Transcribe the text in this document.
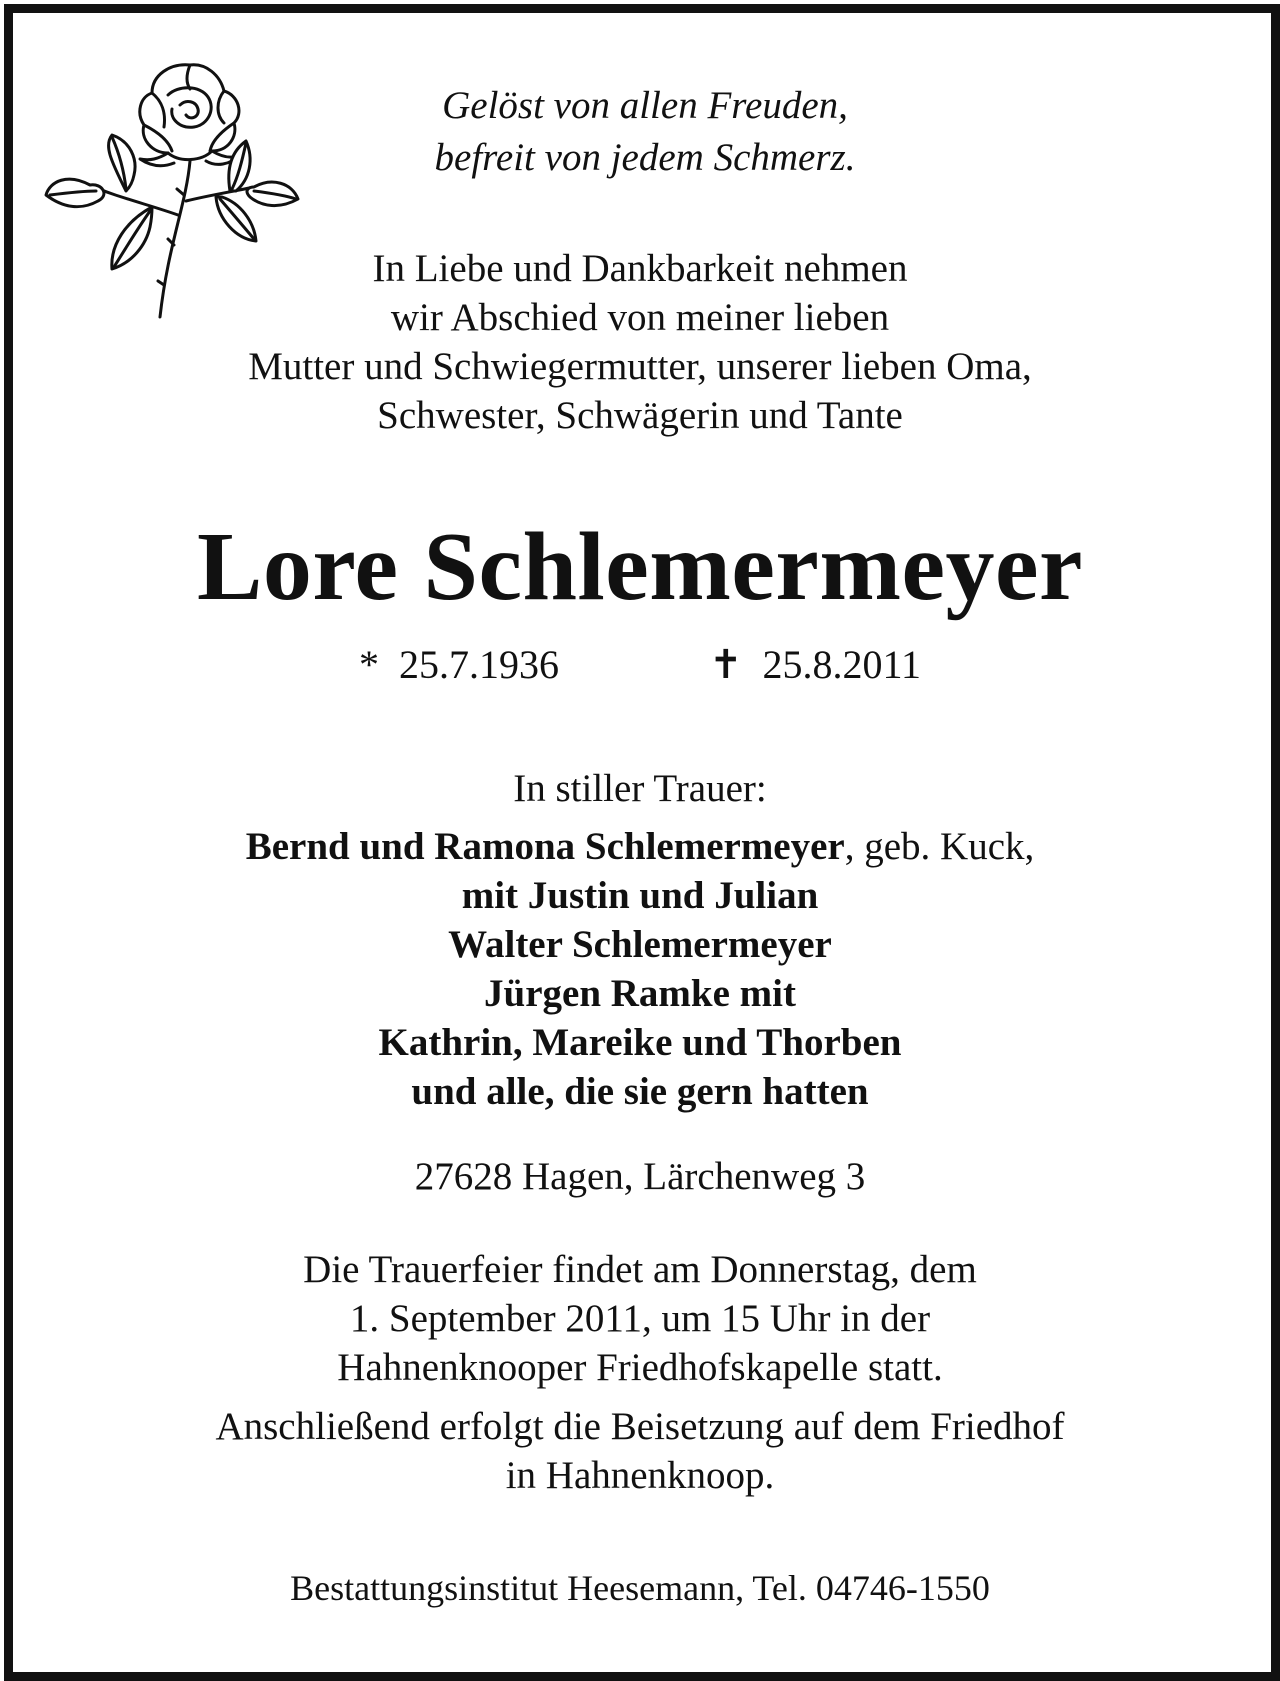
Gelöst von allen Freuden,
befreit von jedem Schmerz.
In Liebe und Dankbarkeit nehmen
wir Abschied von meiner lieben
Mutter und Schwiegermutter, unserer lieben Oma,
Schwester, Schwägerin und Tante
Lore Schlemermeyer
* 25.7.1936	✝ 25.8.2011
In stiller Trauer:
Bernd und Ramona Schlemermeyer, geb. Kuck,
mit Justin und Julian
Walter Schlemermeyer
Jürgen Ramke mit
Kathrin, Mareike und Thorben
und alle, die sie gern hatten
27628 Hagen, Lärchenweg 3
Die Trauerfeier findet am Donnerstag, dem
1. September 2011, um 15 Uhr in der
Hahnenknooper Friedhofskapelle statt.
Anschließend erfolgt die Beisetzung auf dem Friedhof
in Hahnenknoop.
Bestattungsinstitut Heesemann, Tel. 04746-1550
